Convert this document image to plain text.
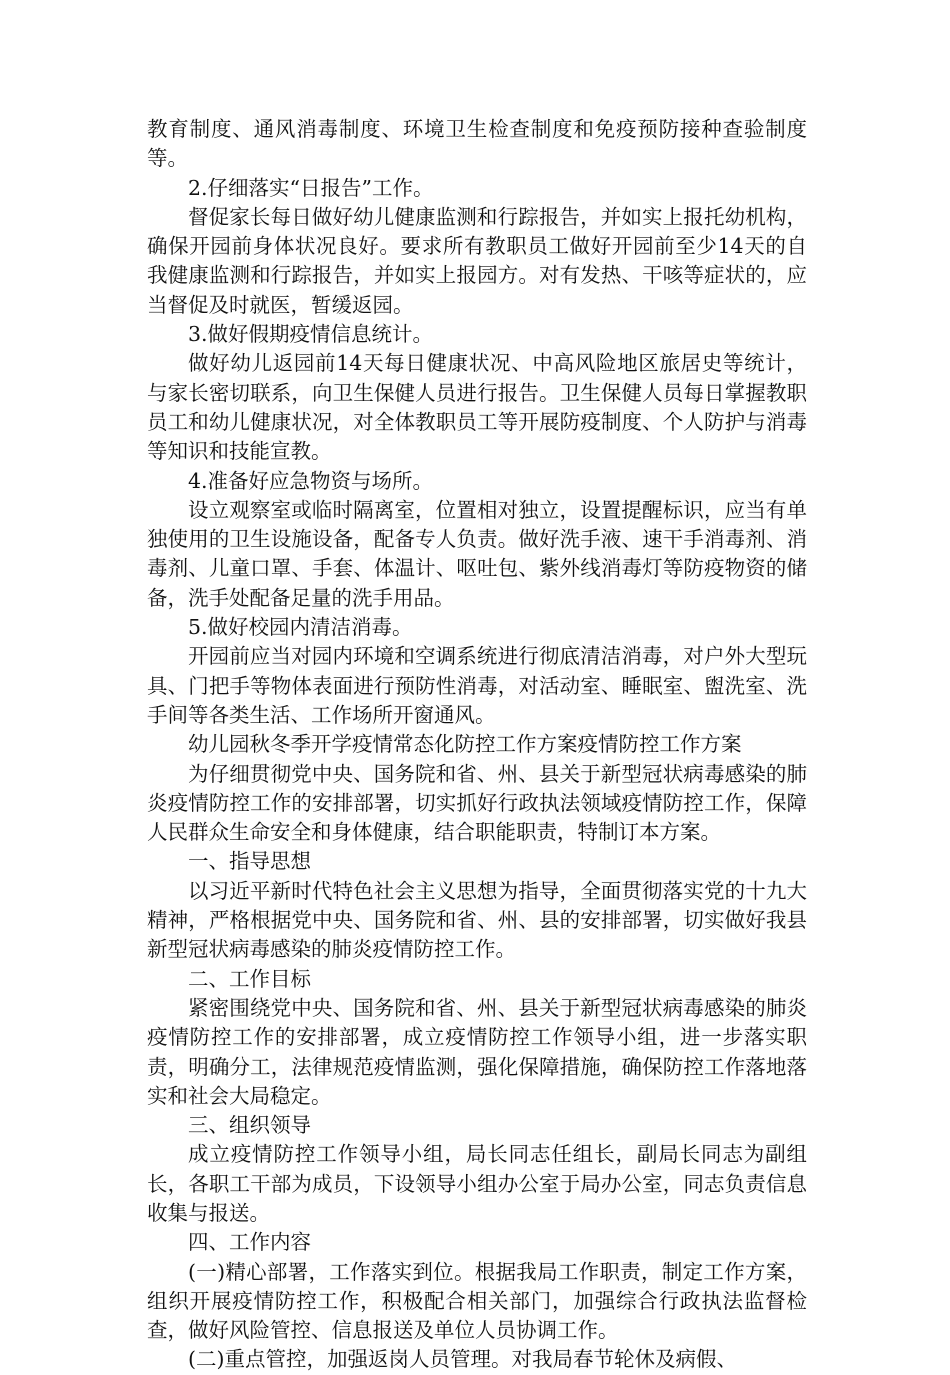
教育制度、通风消毒制度、环境卫生检查制度和免疫预防接种查验制度等。

2.仔细落实“日报告”工作。

督促家长每日做好幼儿健康监测和行踪报告，并如实上报托幼机构，确保开园前身体状况良好。要求所有教职员工做好开园前至少14天的自我健康监测和行踪报告，并如实上报园方。对有发热、干咳等症状的，应当督促及时就医，暂缓返园。

3.做好假期疫情信息统计。

做好幼儿返园前14天每日健康状况、中高风险地区旅居史等统计，与家长密切联系，向卫生保健人员进行报告。卫生保健人员每日掌握教职员工和幼儿健康状况，对全体教职员工等开展防疫制度、个人防护与消毒等知识和技能宣教。

4.准备好应急物资与场所。

设立观察室或临时隔离室，位置相对独立，设置提醒标识，应当有单独使用的卫生设施设备，配备专人负责。做好洗手液、速干手消毒剂、消毒剂、儿童口罩、手套、体温计、呕吐包、紫外线消毒灯等防疫物资的储备，洗手处配备足量的洗手用品。

5.做好校园内清洁消毒。

开园前应当对园内环境和空调系统进行彻底清洁消毒，对户外大型玩具、门把手等物体表面进行预防性消毒，对活动室、睡眠室、盥洗室、洗手间等各类生活、工作场所开窗通风。

幼儿园秋冬季开学疫情常态化防控工作方案疫情防控工作方案

为仔细贯彻党中央、国务院和省、州、县关于新型冠状病毒感染的肺炎疫情防控工作的安排部署，切实抓好行政执法领域疫情防控工作，保障人民群众生命安全和身体健康，结合职能职责，特制订本方案。

一、指导思想

以习近平新时代特色社会主义思想为指导，全面贯彻落实党的十九大精神，严格根据党中央、国务院和省、州、县的安排部署，切实做好我县新型冠状病毒感染的肺炎疫情防控工作。

二、工作目标

紧密围绕党中央、国务院和省、州、县关于新型冠状病毒感染的肺炎疫情防控工作的安排部署，成立疫情防控工作领导小组，进一步落实职责，明确分工，法律规范疫情监测，强化保障措施，确保防控工作落地落实和社会大局稳定。

三、组织领导

成立疫情防控工作领导小组，局长同志任组长，副局长同志为副组长，各职工干部为成员，下设领导小组办公室于局办公室，同志负责信息收集与报送。

四、工作内容

(一)精心部署，工作落实到位。根据我局工作职责，制定工作方案，组织开展疫情防控工作，积极配合相关部门，加强综合行政执法监督检查，做好风险管控、信息报送及单位人员协调工作。

(二)重点管控，加强返岗人员管理。对我局春节轮休及病假、
